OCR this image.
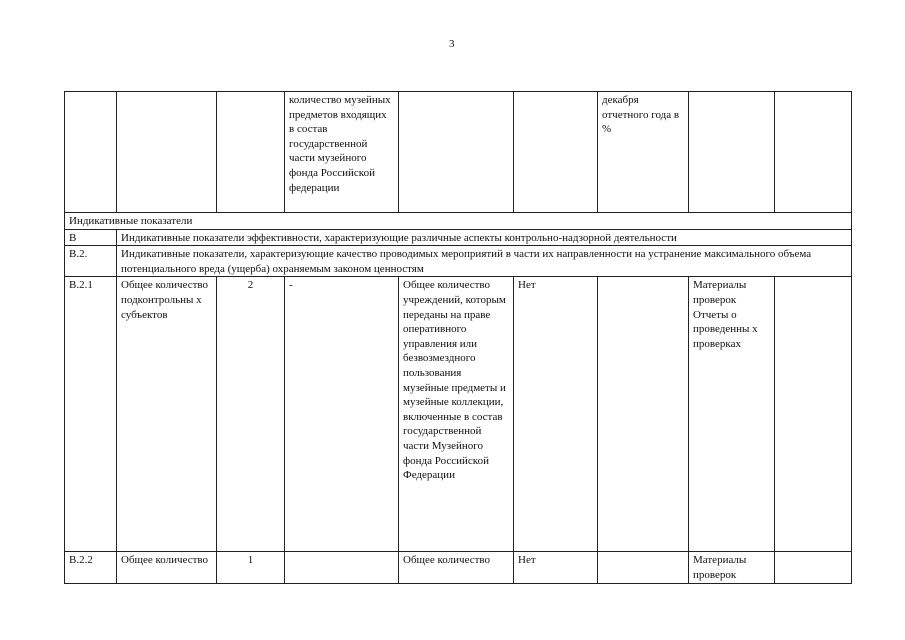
3
			количество музейных предметов входящих в состав государственной части музейного фонда Российской федерации			декабря отчетного года в %		
Индикативные показатели								
В	Индикативные показатели эффективности, характеризующие различные аспекты контрольно-надзорной деятельности							
В.2.	Индикативные показатели, характеризующие качество проводимых мероприятий в части их направленности на устранение максимального объема потенциального вреда (ущерба) охраняемым законом ценностям							
В.2.1	Общее количество подконтрольны х субъектов	2	-	Общее количество учреждений, которым переданы на праве оперативного управления или безвозмездного пользования музейные предметы и музейные коллекции, включенные в состав государственной части Музейного фонда Российской Федерации	Нет		Материалы проверок Отчеты о проведенны х проверках	
В.2.2	Общее количество	1		Общее количество	Нет		Материалы проверок	
